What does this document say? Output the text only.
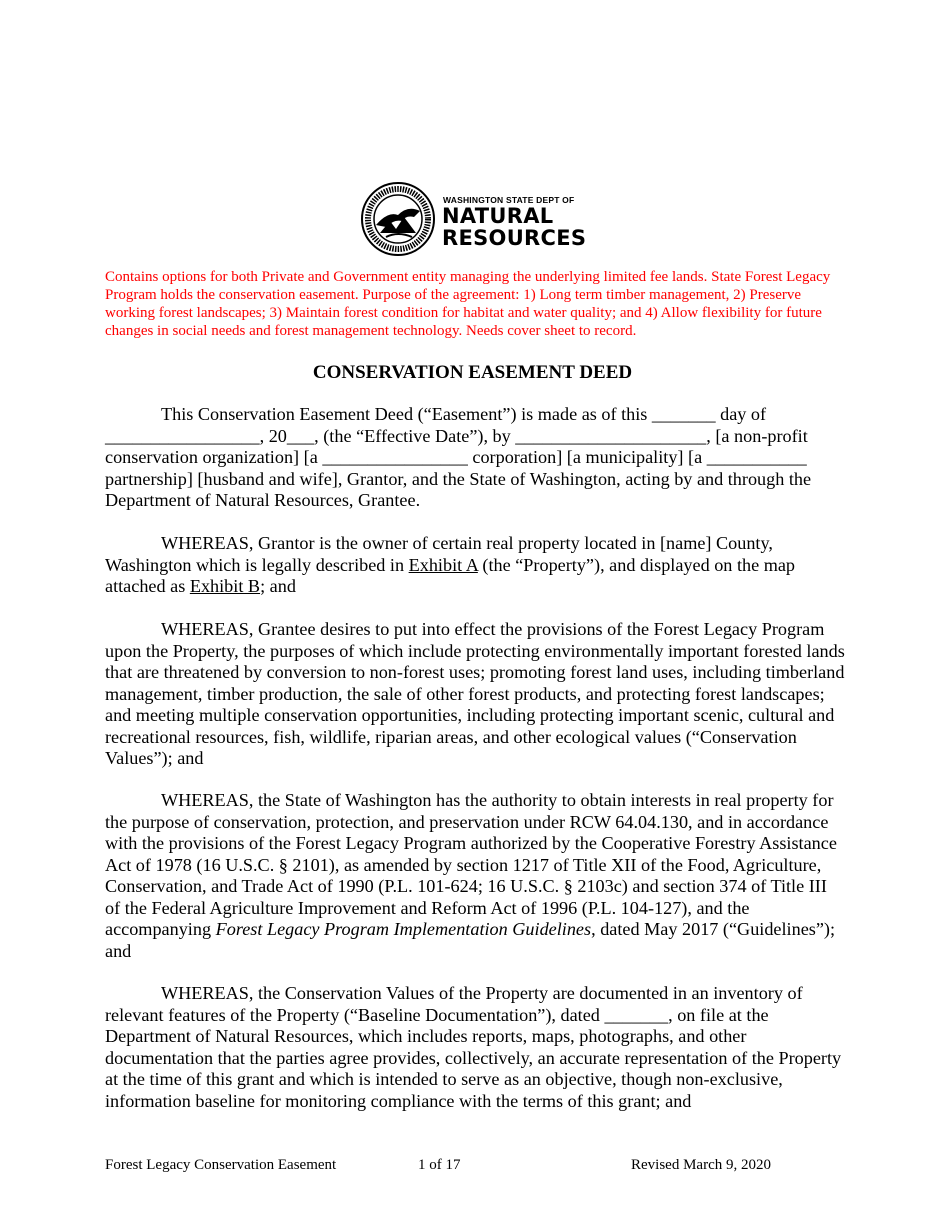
WASHINGTON STATE DEPT OF
NATURAL
RESOURCES

Contains options for both Private and Government entity managing the underlying limited fee lands. State Forest Legacy Program holds the conservation easement. Purpose of the agreement: 1) Long term timber management, 2) Preserve working forest landscapes; 3) Maintain forest condition for habitat and water quality; and 4) Allow flexibility for future changes in social needs and forest management technology. Needs cover sheet to record.

CONSERVATION EASEMENT DEED

This Conservation Easement Deed (“Easement”) is made as of this _______ day of _________________, 20___, (the “Effective Date”), by _____________________, [a non-profit conservation organization] [a ________________ corporation] [a municipality] [a ___________ partnership] [husband and wife], Grantor, and the State of Washington, acting by and through the Department of Natural Resources, Grantee.

WHEREAS, Grantor is the owner of certain real property located in [name] County, Washington which is legally described in Exhibit A (the “Property”), and displayed on the map attached as Exhibit B; and

WHEREAS, Grantee desires to put into effect the provisions of the Forest Legacy Program upon the Property, the purposes of which include protecting environmentally important forested lands that are threatened by conversion to non-forest uses; promoting forest land uses, including timberland management, timber production, the sale of other forest products, and protecting forest landscapes; and meeting multiple conservation opportunities, including protecting important scenic, cultural and recreational resources, fish, wildlife, riparian areas, and other ecological values (“Conservation Values”); and

WHEREAS, the State of Washington has the authority to obtain interests in real property for the purpose of conservation, protection, and preservation under RCW 64.04.130, and in accordance with the provisions of the Forest Legacy Program authorized by the Cooperative Forestry Assistance Act of 1978 (16 U.S.C. § 2101), as amended by section 1217 of Title XII of the Food, Agriculture, Conservation, and Trade Act of 1990 (P.L. 101-624; 16 U.S.C. § 2103c) and section 374 of Title III of the Federal Agriculture Improvement and Reform Act of 1996 (P.L. 104-127), and the accompanying Forest Legacy Program Implementation Guidelines, dated May 2017 (“Guidelines”); and

WHEREAS, the Conservation Values of the Property are documented in an inventory of relevant features of the Property (“Baseline Documentation”), dated _______, on file at the Department of Natural Resources, which includes reports, maps, photographs, and other documentation that the parties agree provides, collectively, an accurate representation of the Property at the time of this grant and which is intended to serve as an objective, though non-exclusive, information baseline for monitoring compliance with the terms of this grant; and

Forest Legacy Conservation Easement	1 of 17	Revised March 9, 2020
